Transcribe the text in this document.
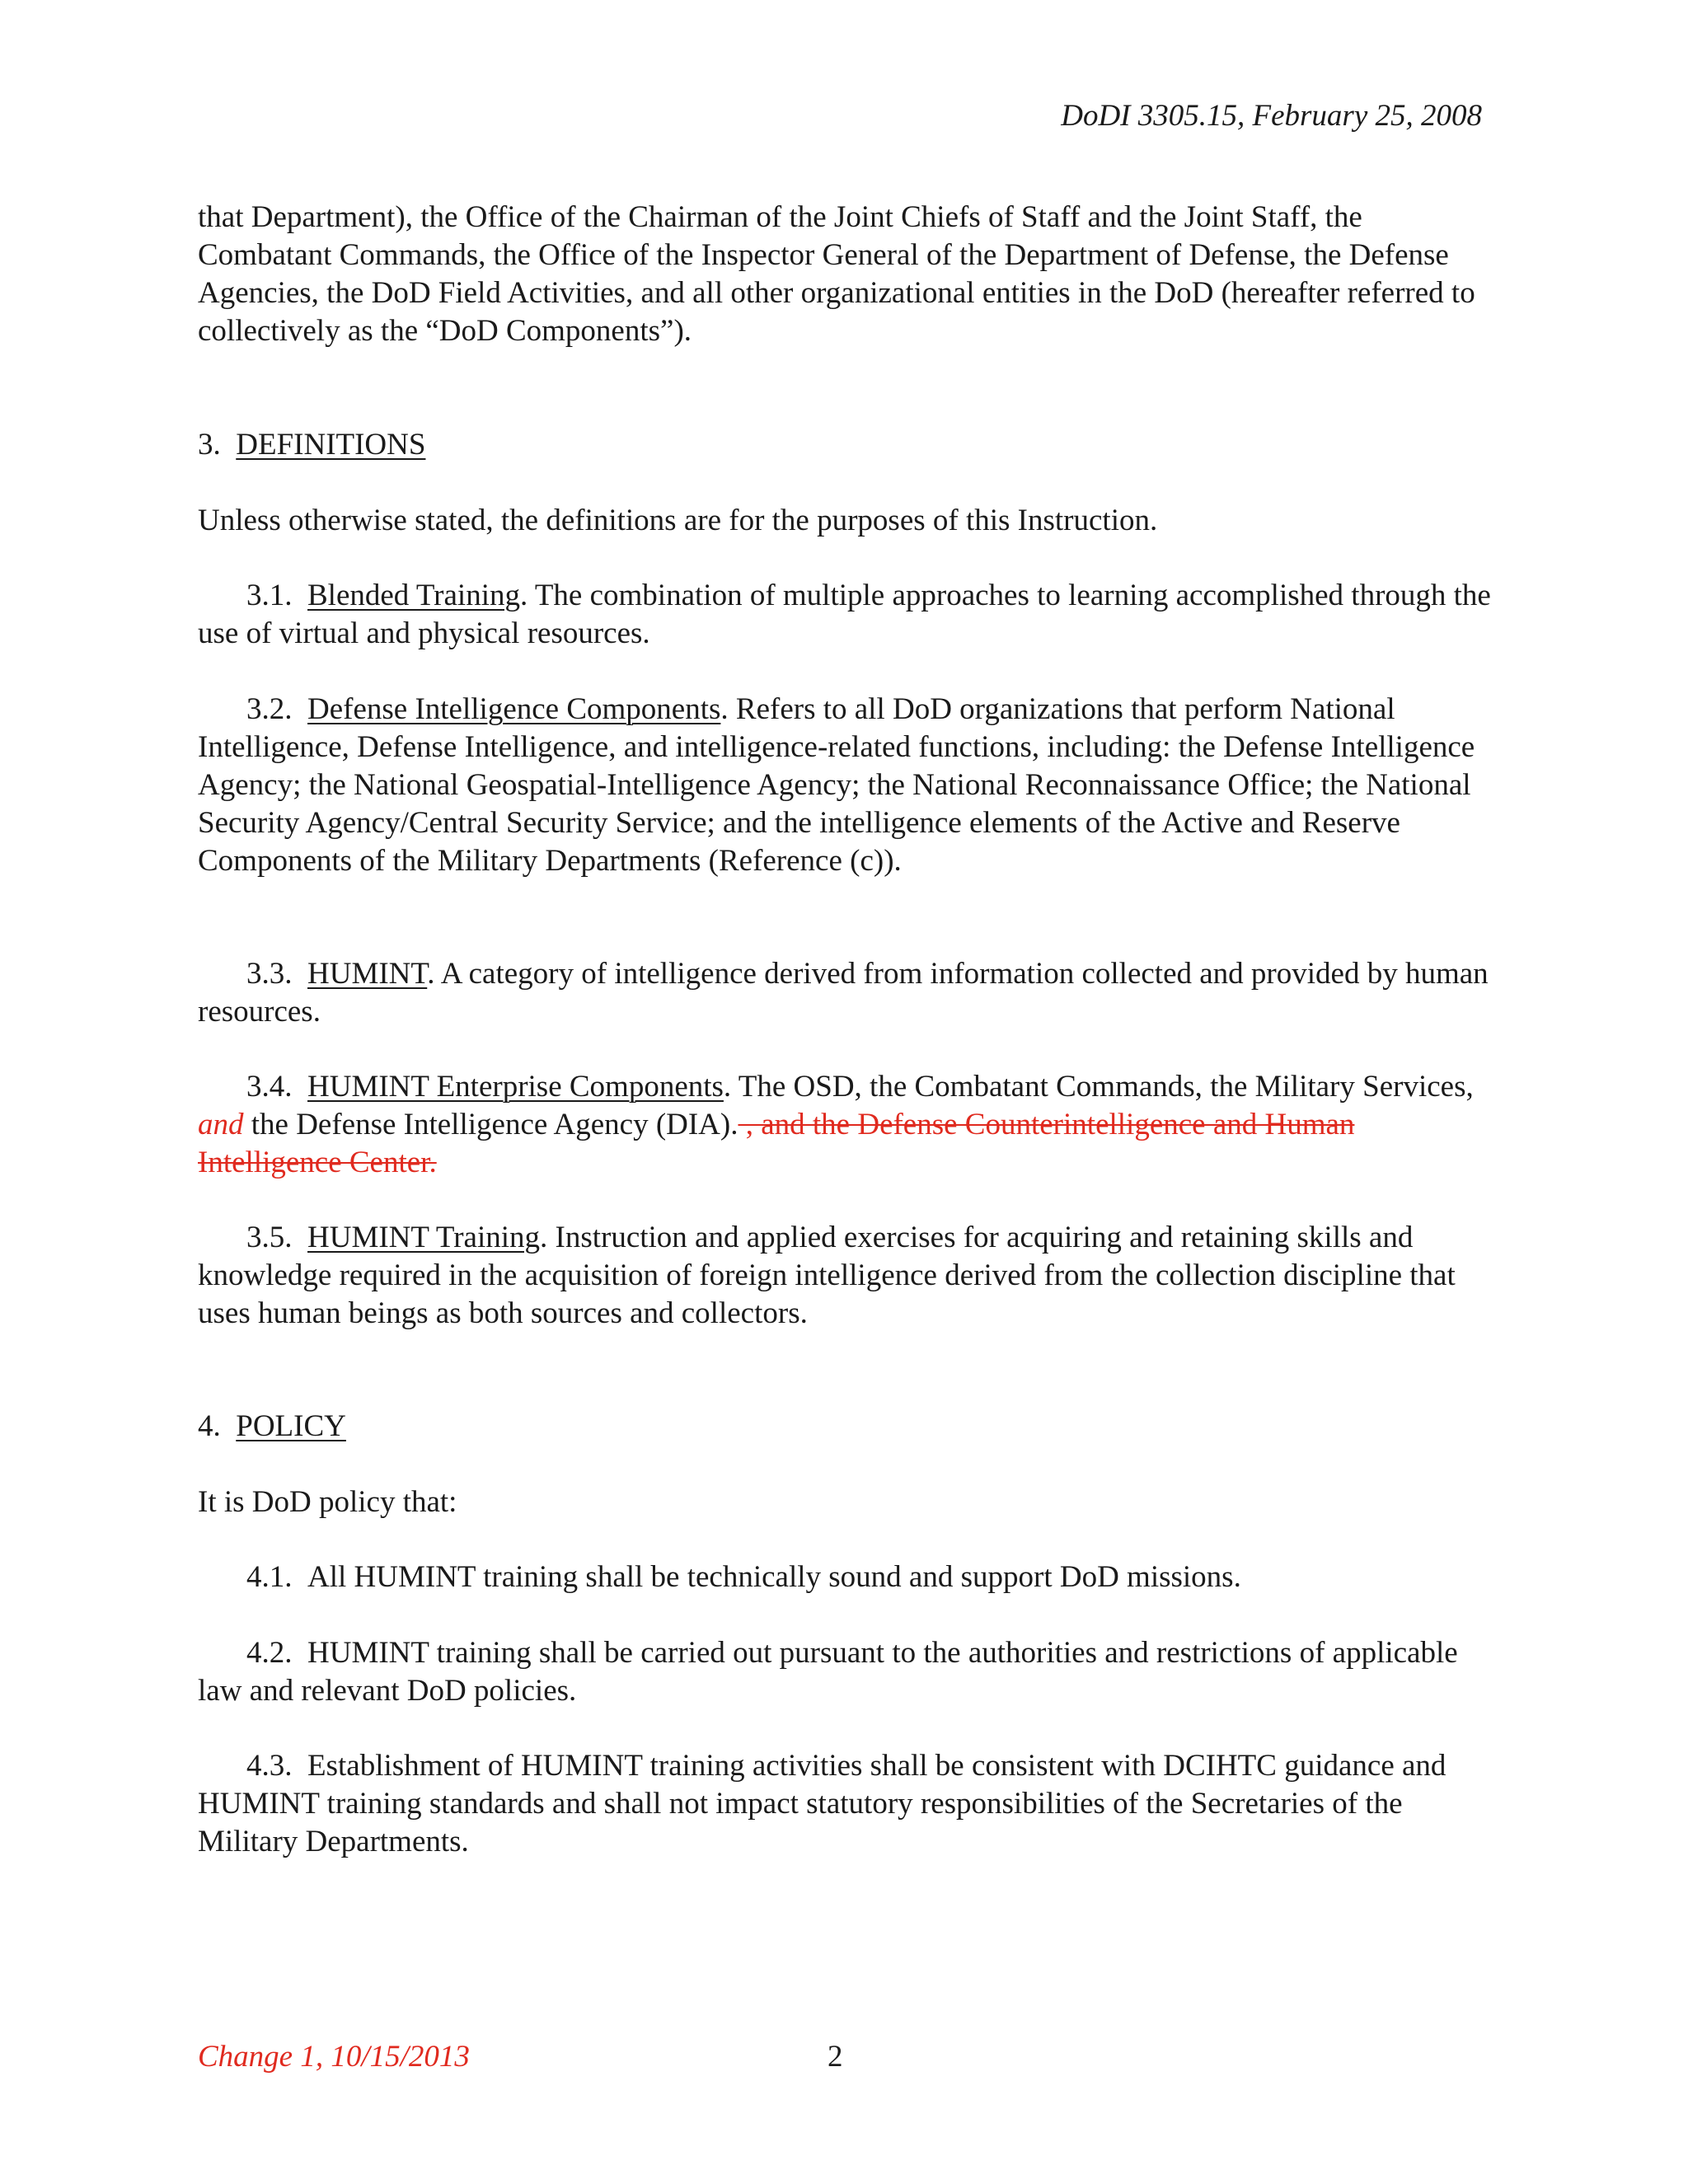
DoDI 3305.15, February 25, 2008

that Department), the Office of the Chairman of the Joint Chiefs of Staff and the Joint Staff, the Combatant Commands, the Office of the Inspector General of the Department of Defense, the Defense Agencies, the DoD Field Activities, and all other organizational entities in the DoD (hereafter referred to collectively as the “DoD Components”).

3. DEFINITIONS

Unless otherwise stated, the definitions are for the purposes of this Instruction.

3.1. Blended Training. The combination of multiple approaches to learning accomplished through the use of virtual and physical resources.

3.2. Defense Intelligence Components. Refers to all DoD organizations that perform National Intelligence, Defense Intelligence, and intelligence-related functions, including: the Defense Intelligence Agency; the National Geospatial-Intelligence Agency; the National Reconnaissance Office; the National Security Agency/Central Security Service; and the intelligence elements of the Active and Reserve Components of the Military Departments (Reference (c)).

3.3. HUMINT. A category of intelligence derived from information collected and provided by human resources.

3.4. HUMINT Enterprise Components. The OSD, the Combatant Commands, the Military Services, and the Defense Intelligence Agency (DIA). , and the Defense Counterintelligence and Human Intelligence Center.

3.5. HUMINT Training. Instruction and applied exercises for acquiring and retaining skills and knowledge required in the acquisition of foreign intelligence derived from the collection discipline that uses human beings as both sources and collectors.

4. POLICY

It is DoD policy that:

4.1. All HUMINT training shall be technically sound and support DoD missions.

4.2. HUMINT training shall be carried out pursuant to the authorities and restrictions of applicable law and relevant DoD policies.

4.3. Establishment of HUMINT training activities shall be consistent with DCIHTC guidance and HUMINT training standards and shall not impact statutory responsibilities of the Secretaries of the Military Departments.

Change 1, 10/15/2013	2
